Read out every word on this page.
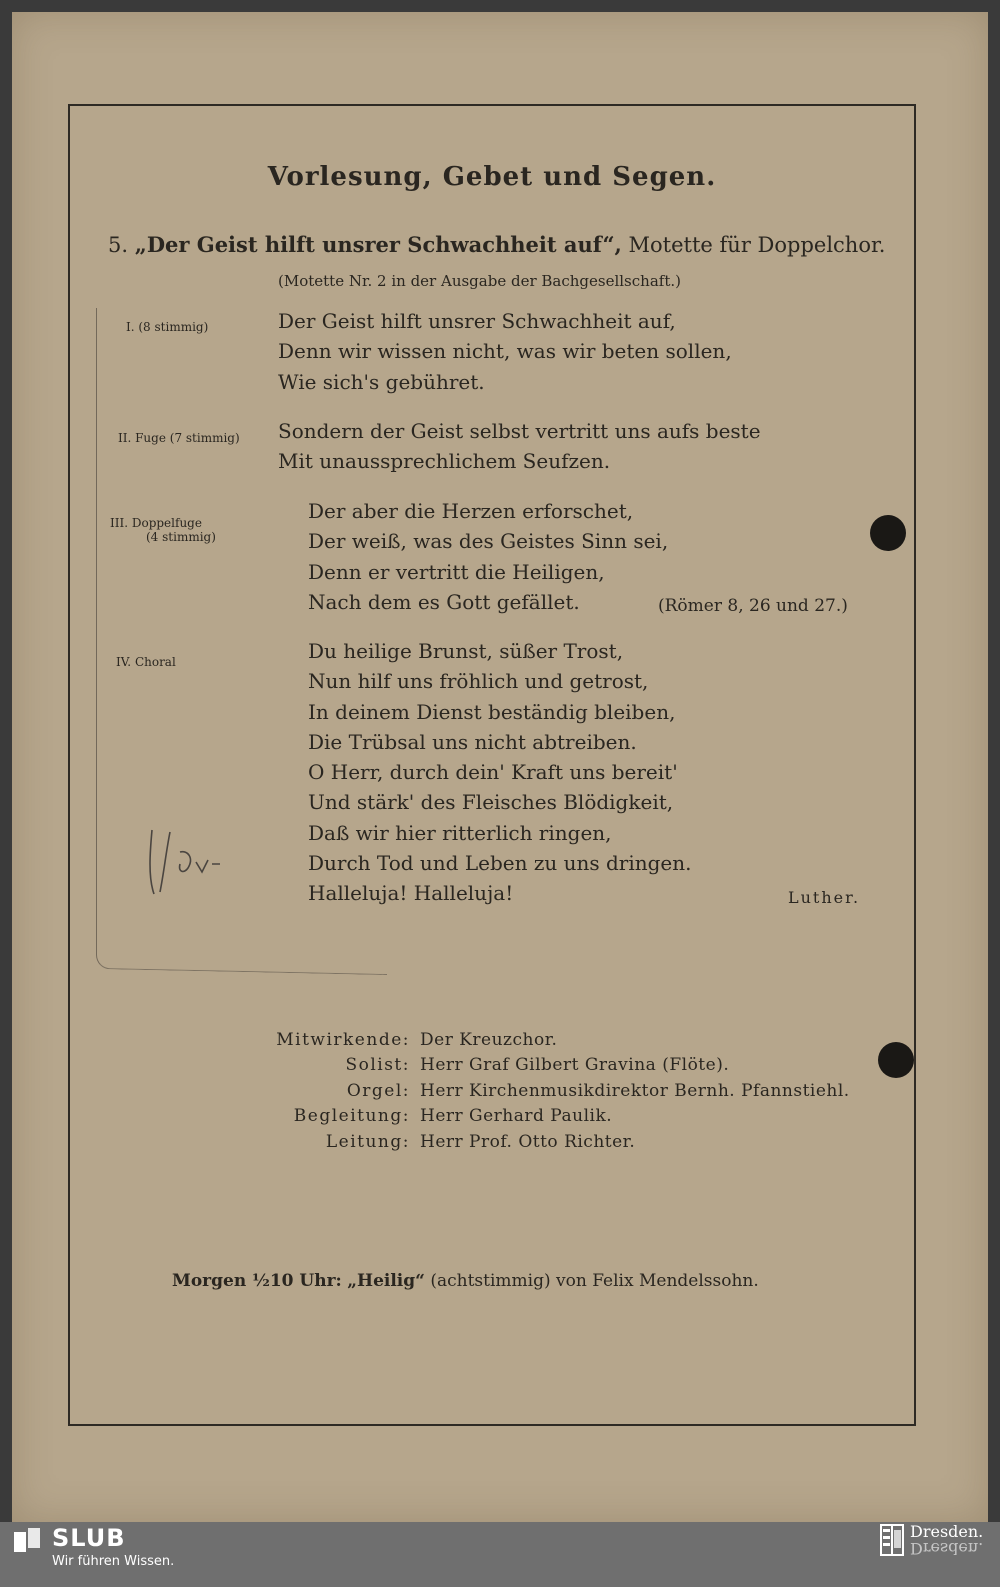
Vorlesung, Gebet und Segen.
5. „Der Geist hilft unsrer Schwachheit auf“, Motette für Doppelchor.
(Motette Nr. 2 in der Ausgabe der Bachgesellschaft.)
I. (8 stimmig)	Der Geist hilft unsrer Schwachheit auf,
Denn wir wissen nicht, was wir beten sollen,
Wie sich's gebühret.
II. Fuge (7 stimmig) Sondern der Geist selbst vertritt uns aufs beste
Mit unaussprechlichem Seufzen.
III. Doppelfuge
(4 stimmig)
Der aber die Herzen erforschet,
Der weiß, was des Geistes Sinn sei,
Denn er vertritt die Heiligen,
Nach dem es Gott gefället.	(Römer 8, 26 und 27.)
IV. Choral	Du heilige Brunst, süßer Trost,
Nun hilf uns fröhlich und getrost,
In deinem Dienst beständig bleiben,
Die Trübsal uns nicht abtreiben.
O Herr, durch dein' Kraft uns bereit'
Und stärk' des Fleisches Blödigkeit,
Daß wir hier ritterlich ringen,
Durch Tod und Leben zu uns dringen.
Halleluja! Halleluja!	Luther.
Mitwirkende: Der Kreuzchor.
Solist: Herr Graf Gilbert Gravina (Flöte).
Orgel: Herr Kirchenmusikdirektor Bernh. Pfannstiehl.
Begleitung: Herr Gerhard Paulik.
Leitung: Herr Prof. Otto Richter.
Morgen ½10 Uhr: „Heilig“ (achtstimmig) von Felix Mendelssohn.
SLUB
Wir führen Wissen.
Dresden.
Dresden.
